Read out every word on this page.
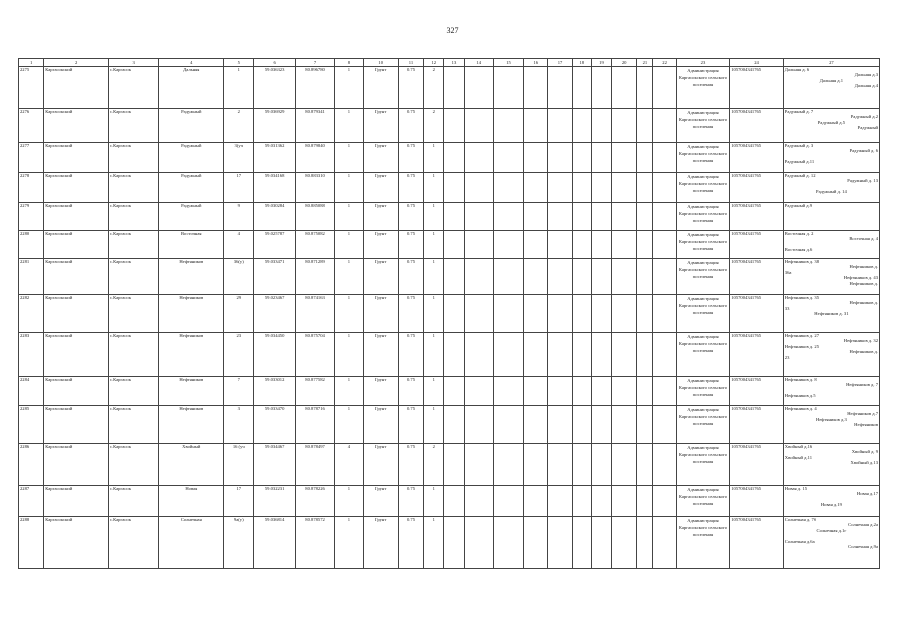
327
1	2	3	4	5	6	7	8	10	11	12	13	14	15	16	17	18	19	20	21	22	23	24	27
2275	Каргасокский	с.Каргасок	Дальняя	1	59.036323	80.896780	1	Грунт	0.75	2											Администрация Каргасокского сельского поселения	1057004341765	Дальняя д. 6
Дальняя д.3
Дальняя д.1
Дальняя д.4

2276	Каргасокский	с.Каргасок	Радужный	2	59.036929	80.879341	1	Грунт	0.75	2											Администрация Каргасокского сельского поселения	1057004341765	Радужный д. 7
Радужный д.2
Радужный д.5
Радужный

2277	Каргасокский	с.Каргасок	Радужный	3(уч	59.031362	80.879840	1	Грунт	0.75	1											Администрация Каргасокского сельского поселения	1057004341765	Радужный д. 3
Радужный д. 6

Радужный д.11

2278	Каргасокский	с.Каргасок	Радужный	17	59.034168	80.883310	1	Грунт	0.75	1											Администрация Каргасокского сельского поселения	1057004341765	Радужный д. 12
Радужный д. 13

Радужный д. 14

2279	Каргасокский	с.Каргасок	Радужный	9	59.030284	80.885088	1	Грунт	0.75	1											Администрация Каргасокского сельского поселения	1057004341765	Радужный д.9

2280	Каргасокский	с.Каргасок	Восточная	4	59.025787	80.875082	1	Грунт	0.75	1											Администрация Каргасокского сельского поселения	1057004341765	Восточная д. 2
Восточная д. 4

Восточная д.6

2281	Каргасокский	с.Каргасок	Нефтяников	36(у)	59.033471	80.871289	1	Грунт	0.75	1											Администрация Каргасокского сельского поселения	1057004341765	Нефтяников д. 38
Нефтяников д.
36а
Нефтяников д. 43
Нефтяников д.

2282	Каргасокский	с.Каргасок	Нефтяников	29	59.023467	80.874163	1	Грунт	0.75	1											Администрация Каргасокского сельского поселения	1057004341765	Нефтяников д. 35
Нефтяников д.
33
Нефтяников д. 31

2283	Каргасокский	с.Каргасок	Нефтяников	23	59.034450	80.875704	1	Грунт	0.75	1											Администрация Каргасокского сельского поселения	1057004341765	Нефтяников д. 27
Нефтяников д. 32
Нефтяников д. 25
Нефтяников д.
23

2284	Каргасокский	с.Каргасок	Нефтяников	7	59.033012	80.877582	1	Грунт	0.75	1											Администрация Каргасокского сельского поселения	1057004341765	Нефтяников д. 8
Нефтяников д. 7

Нефтяников д.5

2285	Каргасокский	с.Каргасок	Нефтяников	3	59.033470	80.878716	1	Грунт	0.75	1											Администрация Каргасокского сельского поселения	1057004341765	Нефтяников д. 4
Нефтяников д.7
Нефтяников д.3
Нефтяников

2286	Каргасокский	с.Каргасок	Хвойный	16 (уч	59.034467	80.878497	4	Грунт	0.75	2											Администрация Каргасокского сельского поселения	1057004341765	Хвойный д.16
Хвойный д. 9
Хвойный д.11
Хвойный д.13

2287	Каргасокский	с.Каргасок	Новая	17	59.032231	80.878226	1	Грунт	0.75	1											Администрация Каргасокского сельского поселения	1057004341765	Новая д. 15
Новая д.17

Новая д.19

2288	Каргасокский	с.Каргасок	Солнечная	9а(у)	59.036814	80.878572	1	Грунт	0.75	1											Администрация Каргасокского сельского поселения	1057004341765	Солнечная д. 7б
Солнечная д.2а
Солнечная д.1г

Солнечная д.6а
Солнечная д.9а
